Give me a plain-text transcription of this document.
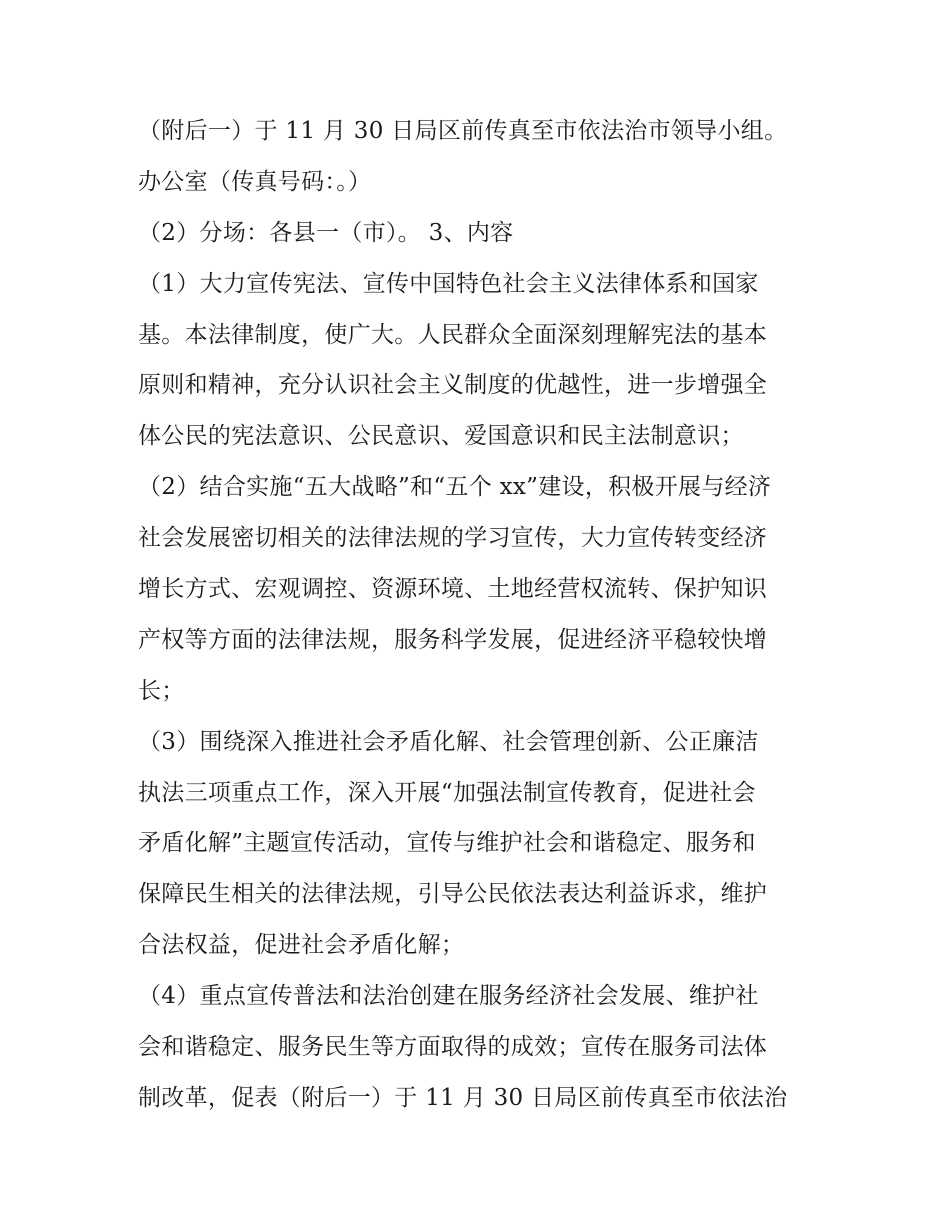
（附后一）于 11 月 30 日局区前传真至市依法治市领导小组。
办公室（传真号码：。）
（2）分场：各县一（市）。 3、内容
（1）大力宣传宪法、宣传中国特色社会主义法律体系和国家
基。本法律制度，使广大。人民群众全面深刻理解宪法的基本
原则和精神，充分认识社会主义制度的优越性，进一步增强全
体公民的宪法意识、公民意识、爱国意识和民主法制意识；
（2）结合实施“五大战略”和“五个 xx”建设，积极开展与经济
社会发展密切相关的法律法规的学习宣传，大力宣传转变经济
增长方式、宏观调控、资源环境、土地经营权流转、保护知识
产权等方面的法律法规，服务科学发展，促进经济平稳较快增
长；
（3）围绕深入推进社会矛盾化解、社会管理创新、公正廉洁
执法三项重点工作，深入开展“加强法制宣传教育，促进社会
矛盾化解”主题宣传活动，宣传与维护社会和谐稳定、服务和
保障民生相关的法律法规，引导公民依法表达利益诉求，维护
合法权益，促进社会矛盾化解；
（4）重点宣传普法和法治创建在服务经济社会发展、维护社
会和谐稳定、服务民生等方面取得的成效；宣传在服务司法体
制改革，促表（附后一）于 11 月 30 日局区前传真至市依法治
